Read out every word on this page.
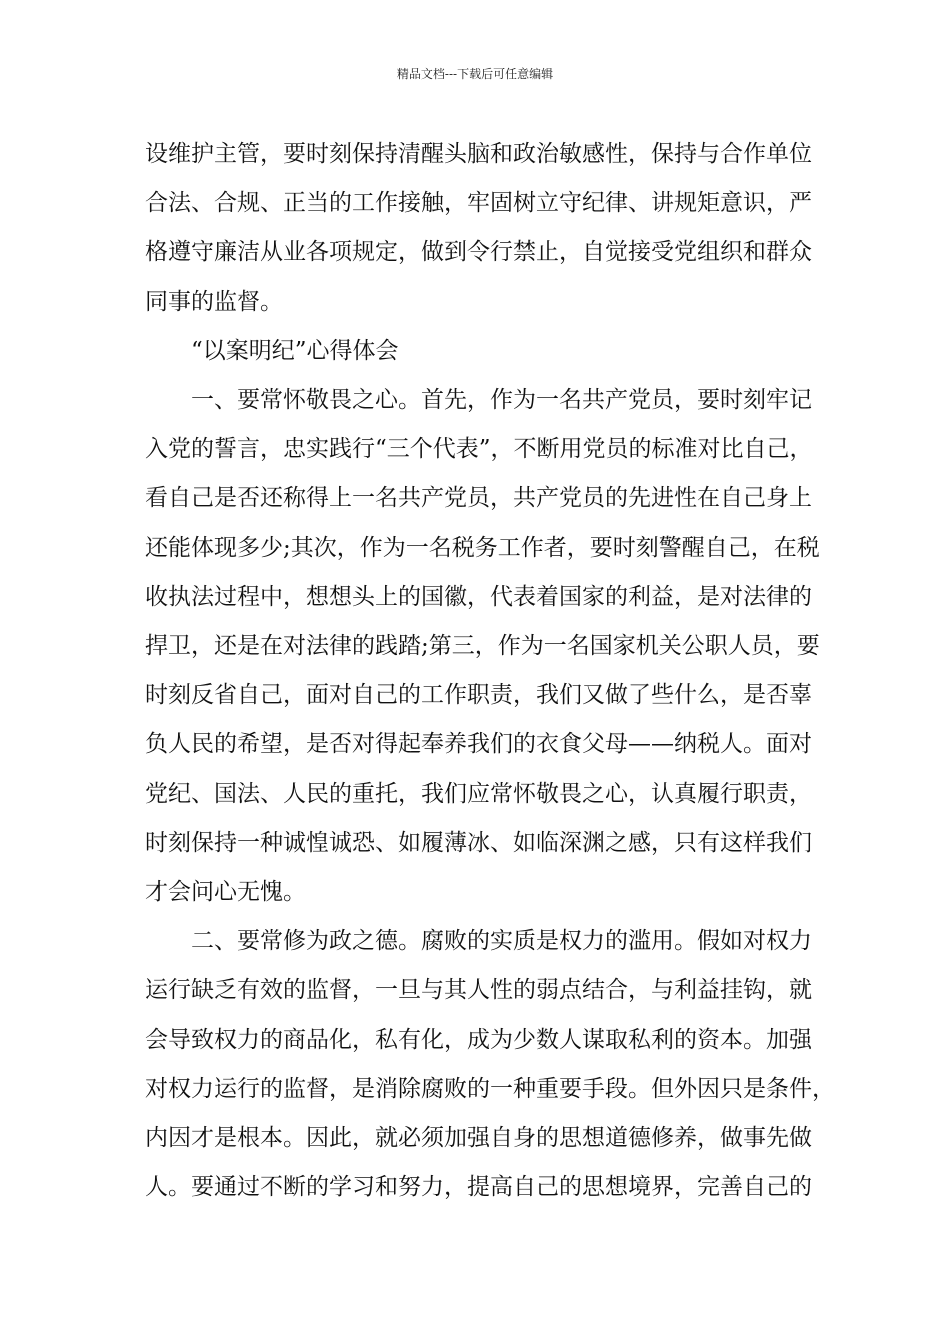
精品文档---下载后可任意编辑

设维护主管，要时刻保持清醒头脑和政治敏感性，保持与合作单位

合法、合规、正当的工作接触，牢固树立守纪律、讲规矩意识，严

格遵守廉洁从业各项规定，做到令行禁止，自觉接受党组织和群众

同事的监督。

“以案明纪”心得体会

一、要常怀敬畏之心。首先，作为一名共产党员，要时刻牢记

入党的誓言，忠实践行“三个代表”，不断用党员的标准对比自己，

看自己是否还称得上一名共产党员，共产党员的先进性在自己身上

还能体现多少;其次，作为一名税务工作者，要时刻警醒自己，在税

收执法过程中，想想头上的国徽，代表着国家的利益，是对法律的

捍卫，还是在对法律的践踏;第三，作为一名国家机关公职人员，要

时刻反省自己，面对自己的工作职责，我们又做了些什么，是否辜

负人民的希望，是否对得起奉养我们的衣食父母——纳税人。面对

党纪、国法、人民的重托，我们应常怀敬畏之心，认真履行职责，

时刻保持一种诚惶诚恐、如履薄冰、如临深渊之感，只有这样我们

才会问心无愧。

二、要常修为政之德。腐败的实质是权力的滥用。假如对权力

运行缺乏有效的监督，一旦与其人性的弱点结合，与利益挂钩，就

会导致权力的商品化，私有化，成为少数人谋取私利的资本。加强

对权力运行的监督，是消除腐败的一种重要手段。但外因只是条件，

内因才是根本。因此，就必须加强自身的思想道德修养，做事先做

人。要通过不断的学习和努力，提高自己的思想境界，完善自己的
